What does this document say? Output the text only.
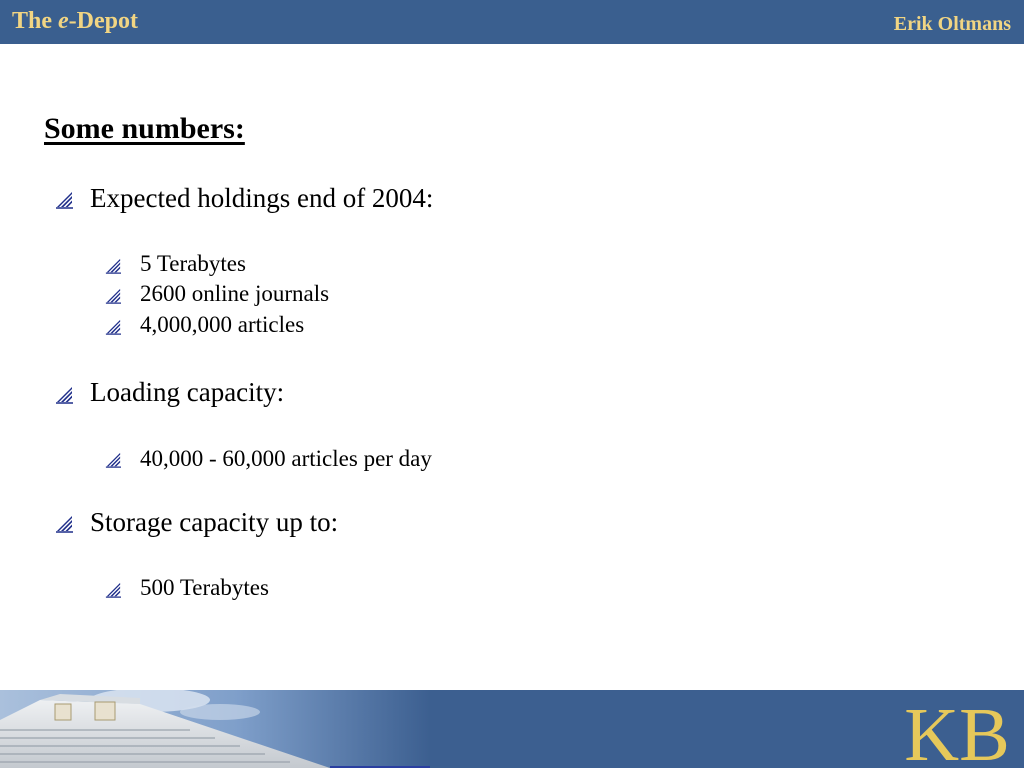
The e-Depot	Erik Oltmans
Some numbers:
Expected holdings end of 2004:
5 Terabytes
2600 online journals
4,000,000 articles
Loading capacity:
40,000 - 60,000 articles per day
Storage capacity up to:
500 Terabytes
KB
